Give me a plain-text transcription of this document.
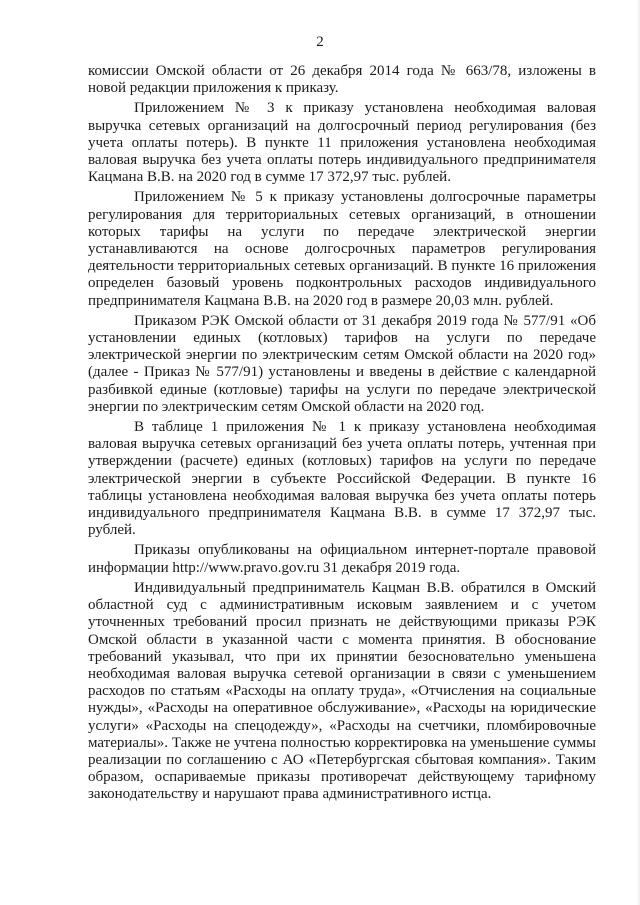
2

комиссии Омской области от 26 декабря 2014 года № 663/78, изложены в новой редакции приложения к приказу.

Приложением № 3 к приказу установлена необходимая валовая выручка сетевых организаций на долгосрочный период регулирования (без учета оплаты потерь). В пункте 11 приложения установлена необходимая валовая выручка без учета оплаты потерь индивидуального предпринимателя Кацмана В.В. на 2020 год в сумме 17 372,97 тыс. рублей.

Приложением № 5 к приказу установлены долгосрочные параметры регулирования для территориальных сетевых организаций, в отношении которых тарифы на услуги по передаче электрической энергии устанавливаются на основе долгосрочных параметров регулирования деятельности территориальных сетевых организаций. В пункте 16 приложения определен базовый уровень подконтрольных расходов индивидуального предпринимателя Кацмана В.В. на 2020 год в размере 20,03 млн. рублей.

Приказом РЭК Омской области от 31 декабря 2019 года № 577/91 «Об установлении единых (котловых) тарифов на услуги по передаче электрической энергии по электрическим сетям Омской области на 2020 год» (далее - Приказ № 577/91) установлены и введены в действие с календарной разбивкой единые (котловые) тарифы на услуги по передаче электрической энергии по электрическим сетям Омской области на 2020 год.

В таблице 1 приложения № 1 к приказу установлена необходимая валовая выручка сетевых организаций без учета оплаты потерь, учтенная при утверждении (расчете) единых (котловых) тарифов на услуги по передаче электрической энергии в субъекте Российской Федерации. В пункте 16 таблицы установлена необходимая валовая выручка без учета оплаты потерь индивидуального предпринимателя Кацмана В.В. в сумме 17 372,97 тыс. рублей.

Приказы опубликованы на официальном интернет-портале правовой информации http://www.pravo.gov.ru 31 декабря 2019 года.

Индивидуальный предприниматель Кацман В.В. обратился в Омский областной суд с административным исковым заявлением и с учетом уточненных требований просил признать не действующими приказы РЭК Омской области в указанной части с момента принятия. В обоснование требований указывал, что при их принятии безосновательно уменьшена необходимая валовая выручка сетевой организации в связи с уменьшением расходов по статьям «Расходы на оплату труда», «Отчисления на социальные нужды», «Расходы на оперативное обслуживание», «Расходы на юридические услуги» «Расходы на спецодежду», «Расходы на счетчики, пломбировочные материалы». Также не учтена полностью корректировка на уменьшение суммы реализации по соглашению с АО «Петербургская сбытовая компания». Таким образом, оспариваемые приказы противоречат действующему тарифному законодательству и нарушают права административного истца.
